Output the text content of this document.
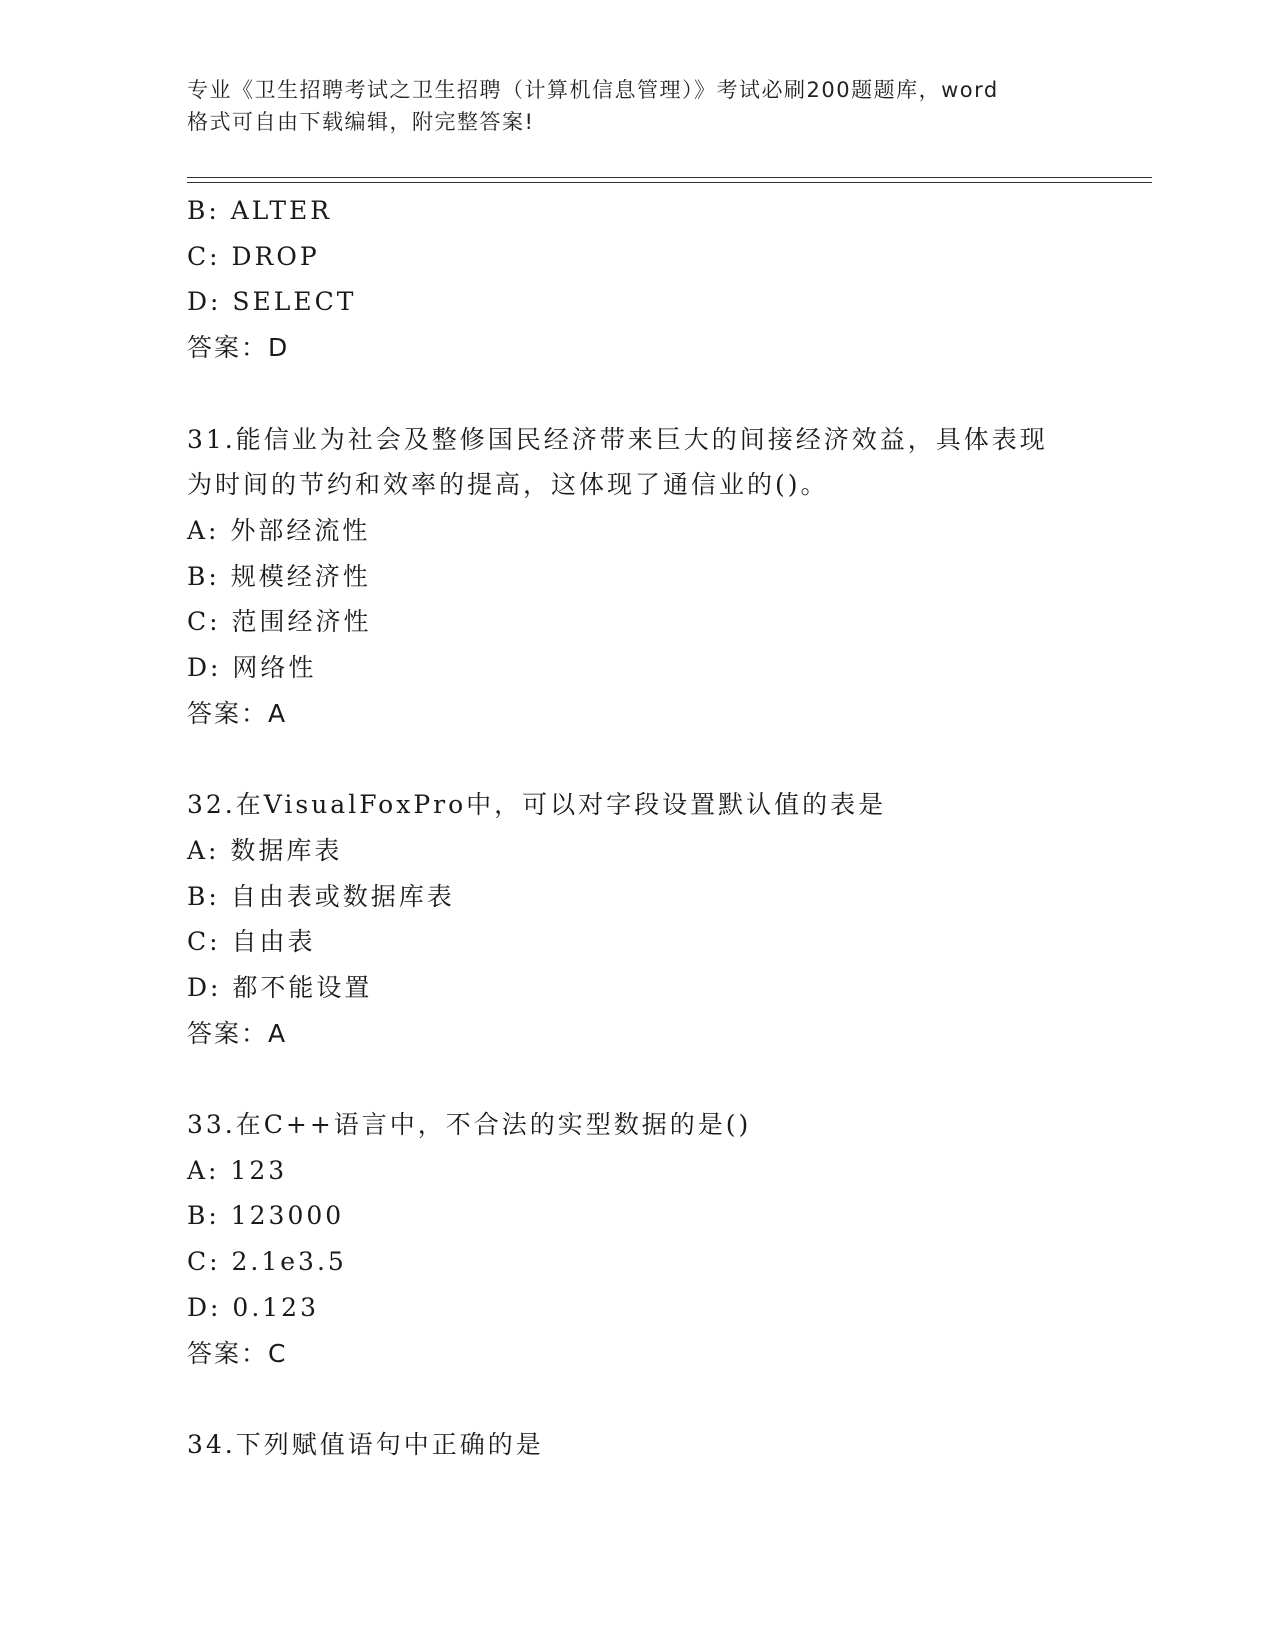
专业《卫生招聘考试之卫生招聘（计算机信息管理）》考试必刷200题题库，word
格式可自由下载编辑，附完整答案!
B: ALTER
C: DROP
D: SELECT
答案：D
31.能信业为社会及整修国民经济带来巨大的间接经济效益，具体表现
为时间的节约和效率的提高，这体现了通信业的()。
A: 外部经流性
B: 规模经济性
C: 范围经济性
D: 网络性
答案：A
32.在VisualFoxPro中，可以对字段设置默认值的表是
A: 数据库表
B: 自由表或数据库表
C: 自由表
D: 都不能设置
答案：A
33.在C++语言中，不合法的实型数据的是()
A: 123
B: 123000
C: 2.1e3.5
D: 0.123
答案：C
34.下列赋值语句中正确的是
